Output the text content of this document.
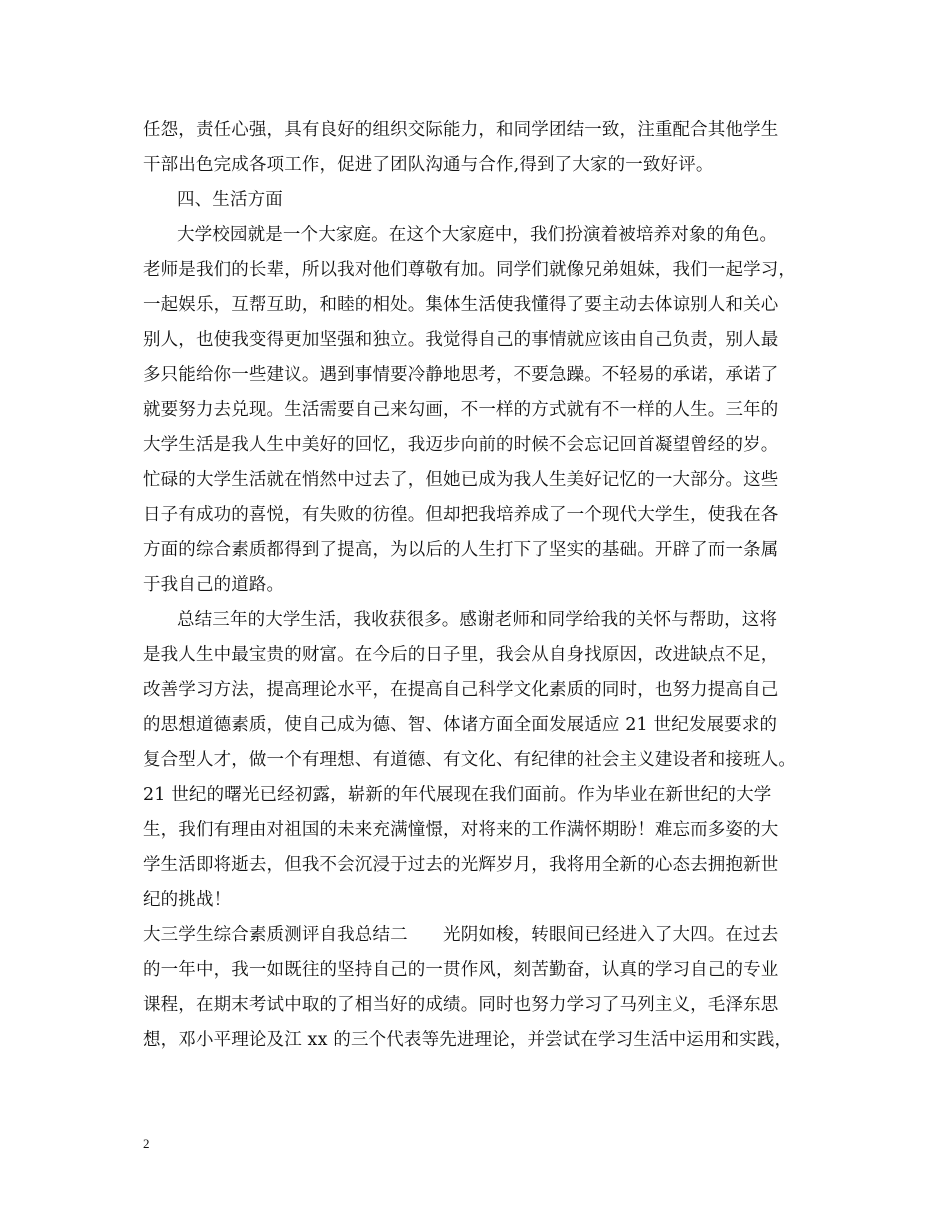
任怨，责任心强，具有良好的组织交际能力，和同学团结一致，注重配合其他学生
干部出色完成各项工作，促进了团队沟通与合作,得到了大家的一致好评。
四、生活方面
大学校园就是一个大家庭。在这个大家庭中，我们扮演着被培养对象的角色。
老师是我们的长辈，所以我对他们尊敬有加。同学们就像兄弟姐妹，我们一起学习，
一起娱乐，互帮互助，和睦的相处。集体生活使我懂得了要主动去体谅别人和关心
别人，也使我变得更加坚强和独立。我觉得自己的事情就应该由自己负责，别人最
多只能给你一些建议。遇到事情要冷静地思考，不要急躁。不轻易的承诺，承诺了
就要努力去兑现。生活需要自己来勾画，不一样的方式就有不一样的人生。三年的
大学生活是我人生中美好的回忆，我迈步向前的时候不会忘记回首凝望曾经的岁。
忙碌的大学生活就在悄然中过去了，但她已成为我人生美好记忆的一大部分。这些
日子有成功的喜悦，有失败的彷徨。但却把我培养成了一个现代大学生，使我在各
方面的综合素质都得到了提高，为以后的人生打下了坚实的基础。开辟了而一条属
于我自己的道路。
总结三年的大学生活，我收获很多。感谢老师和同学给我的关怀与帮助，这将
是我人生中最宝贵的财富。在今后的日子里，我会从自身找原因，改进缺点不足，
改善学习方法，提高理论水平，在提高自己科学文化素质的同时，也努力提高自己
的思想道德素质，使自己成为德、智、体诸方面全面发展适应 21 世纪发展要求的
复合型人才，做一个有理想、有道德、有文化、有纪律的社会主义建设者和接班人。
21 世纪的曙光已经初露，崭新的年代展现在我们面前。作为毕业在新世纪的大学
生，我们有理由对祖国的未来充满憧憬，对将来的工作满怀期盼！难忘而多姿的大
学生活即将逝去，但我不会沉浸于过去的光辉岁月，我将用全新的心态去拥抱新世
纪的挑战！
大三学生综合素质测评自我总结二　　光阴如梭，转眼间已经进入了大四。在过去
的一年中，我一如既往的坚持自己的一贯作风，刻苦勤奋，认真的学习自己的专业
课程，在期末考试中取的了相当好的成绩。同时也努力学习了马列主义，毛泽东思
想，邓小平理论及江 xx 的三个代表等先进理论，并尝试在学习生活中运用和实践，
2
